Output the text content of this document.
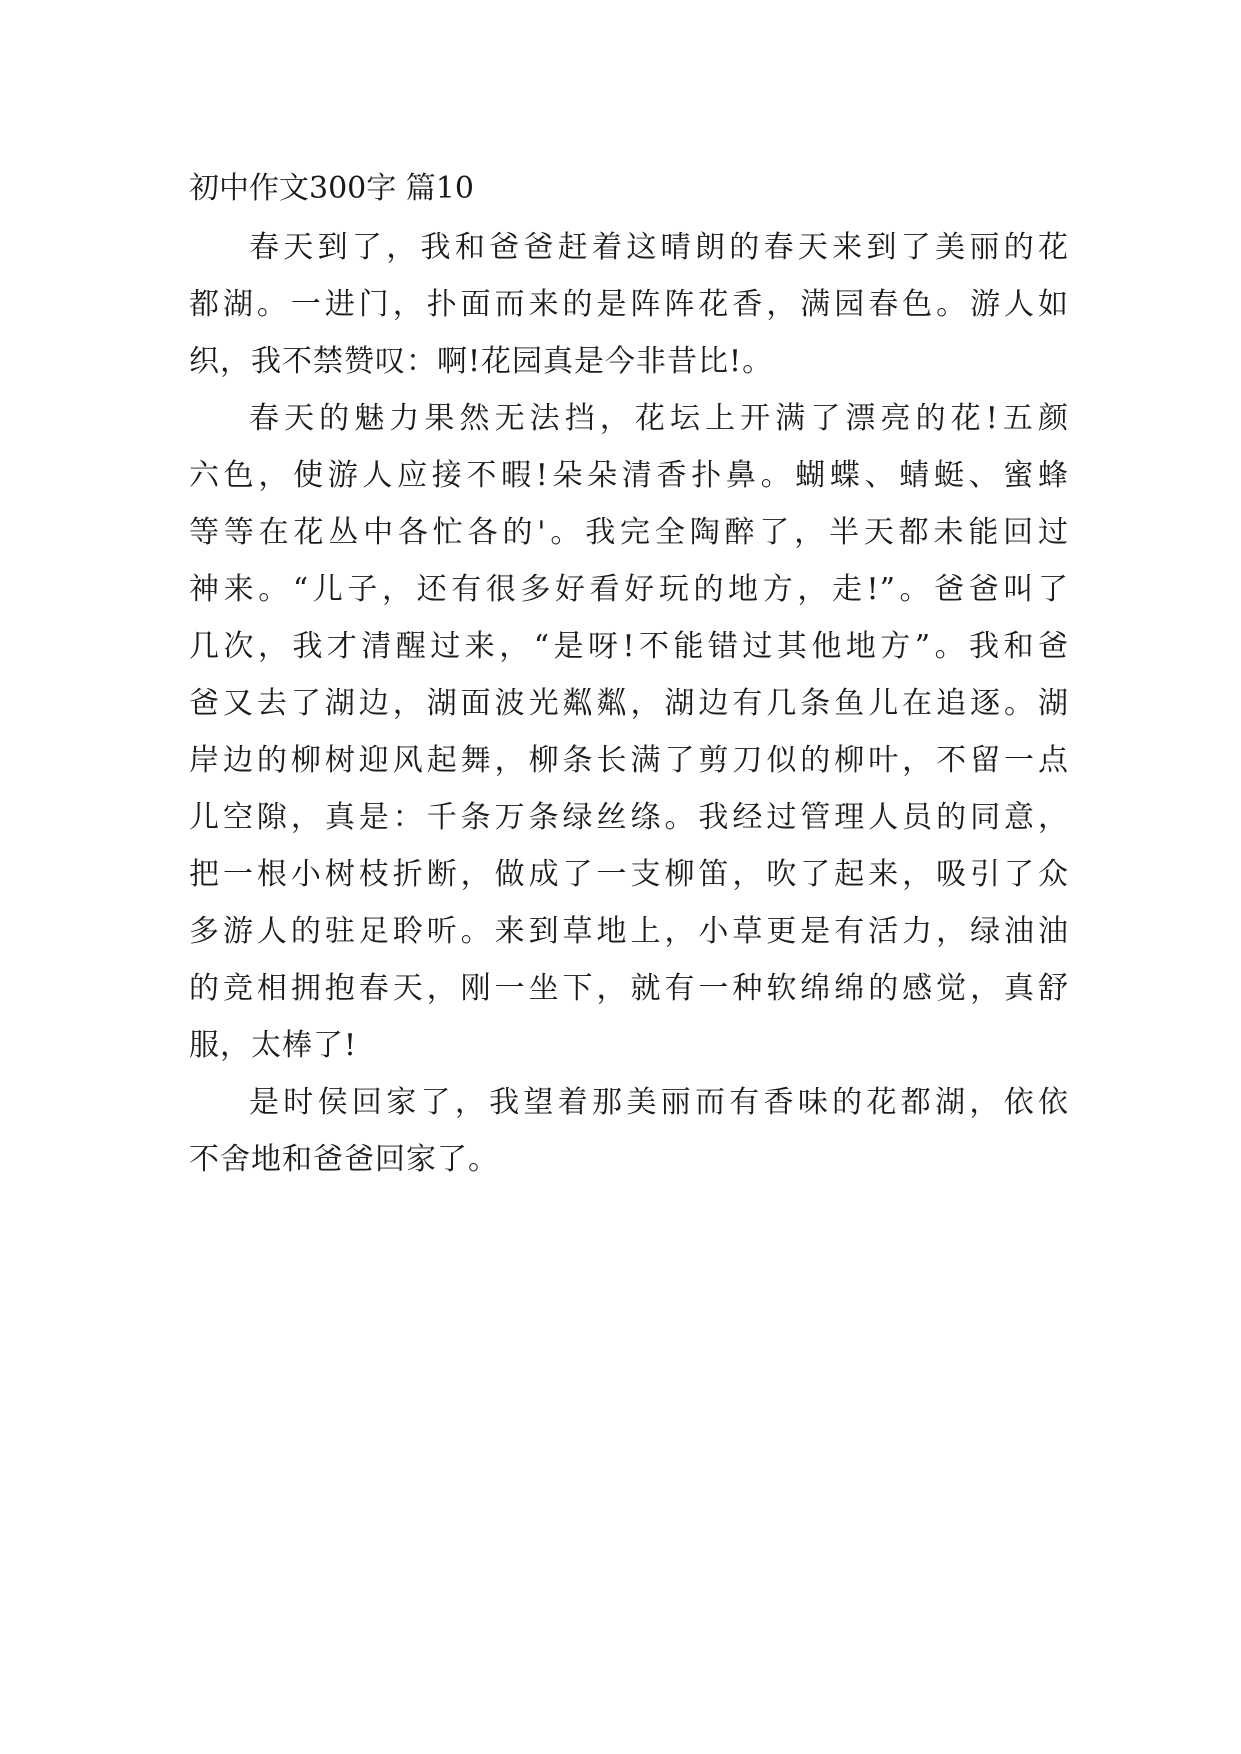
初中作文300字 篇10
春天到了，我和爸爸赶着这晴朗的春天来到了美丽的花
都湖。一进门，扑面而来的是阵阵花香，满园春色。游人如
织，我不禁赞叹：啊!花园真是今非昔比!。
春天的魅力果然无法挡，花坛上开满了漂亮的花!五颜
六色，使游人应接不暇!朵朵清香扑鼻。蝴蝶、蜻蜓、蜜蜂
等等在花丛中各忙各的'。我完全陶醉了，半天都未能回过
神来。“儿子，还有很多好看好玩的地方，走!”。爸爸叫了
几次，我才清醒过来，“是呀!不能错过其他地方”。我和爸
爸又去了湖边，湖面波光粼粼，湖边有几条鱼儿在追逐。湖
岸边的柳树迎风起舞，柳条长满了剪刀似的柳叶，不留一点
儿空隙，真是：千条万条绿丝绦。我经过管理人员的同意，
把一根小树枝折断，做成了一支柳笛，吹了起来，吸引了众
多游人的驻足聆听。来到草地上，小草更是有活力，绿油油
的竞相拥抱春天，刚一坐下，就有一种软绵绵的感觉，真舒
服，太棒了!
是时侯回家了，我望着那美丽而有香味的花都湖，依依
不舍地和爸爸回家了。
